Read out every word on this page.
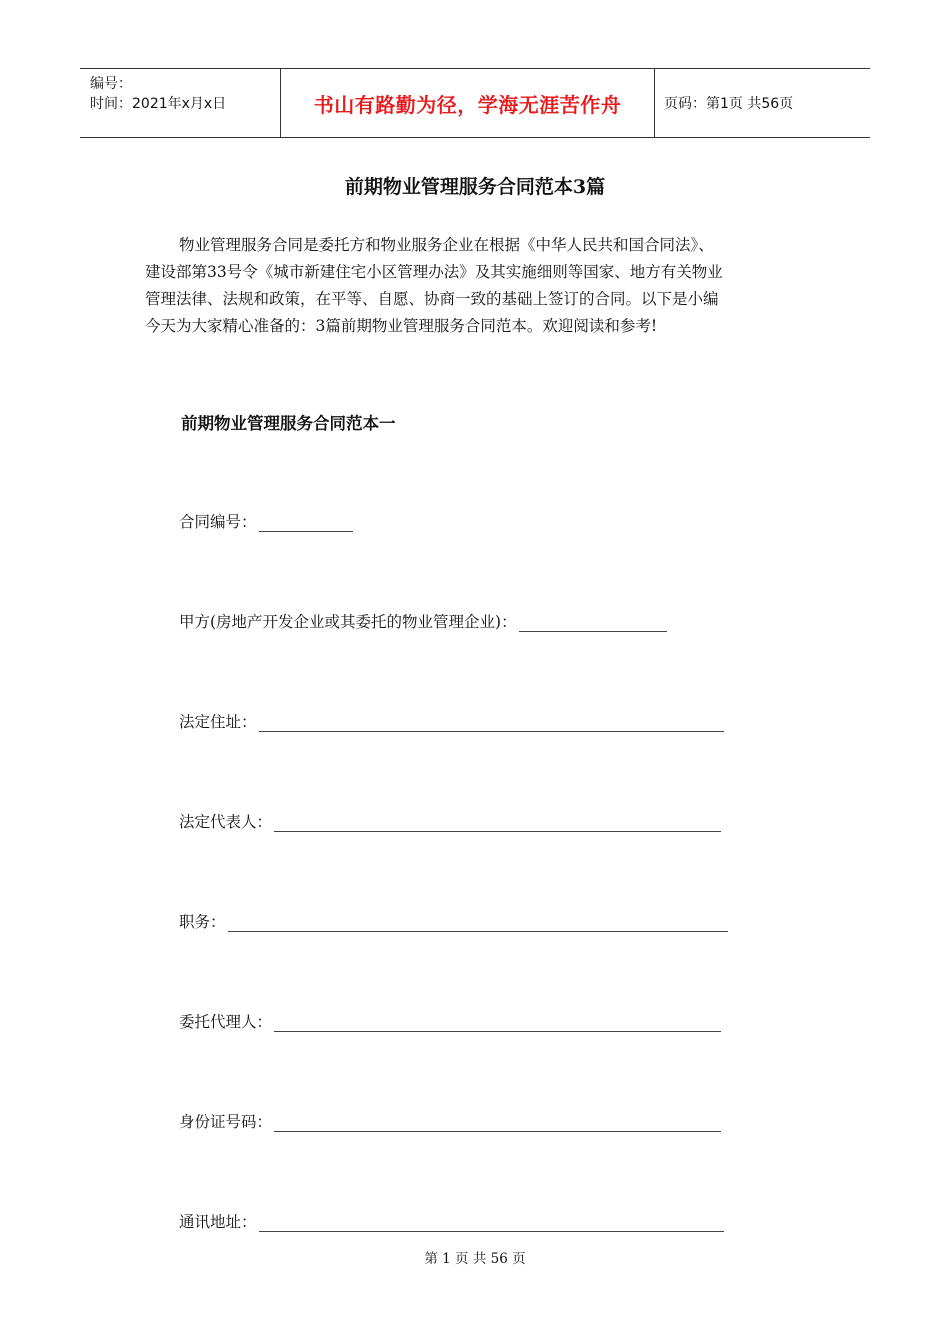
编号：
时间：2021年x月x日	书山有路勤为径，学海无涯苦作舟	页码：第1页 共56页
前期物业管理服务合同范本3篇
物业管理服务合同是委托方和物业服务企业在根据《中华人民共和国合同法》、
建设部第33号令《城市新建住宅小区管理办法》及其实施细则等国家、地方有关物业
管理法律、法规和政策，在平等、自愿、协商一致的基础上签订的合同。以下是小编
今天为大家精心准备的：3篇前期物业管理服务合同范本。欢迎阅读和参考!
前期物业管理服务合同范本一
合同编号：
甲方(房地产开发企业或其委托的物业管理企业)：
法定住址：
法定代表人：
职务：
委托代理人：
身份证号码：
通讯地址：
第 1 页 共 56 页
